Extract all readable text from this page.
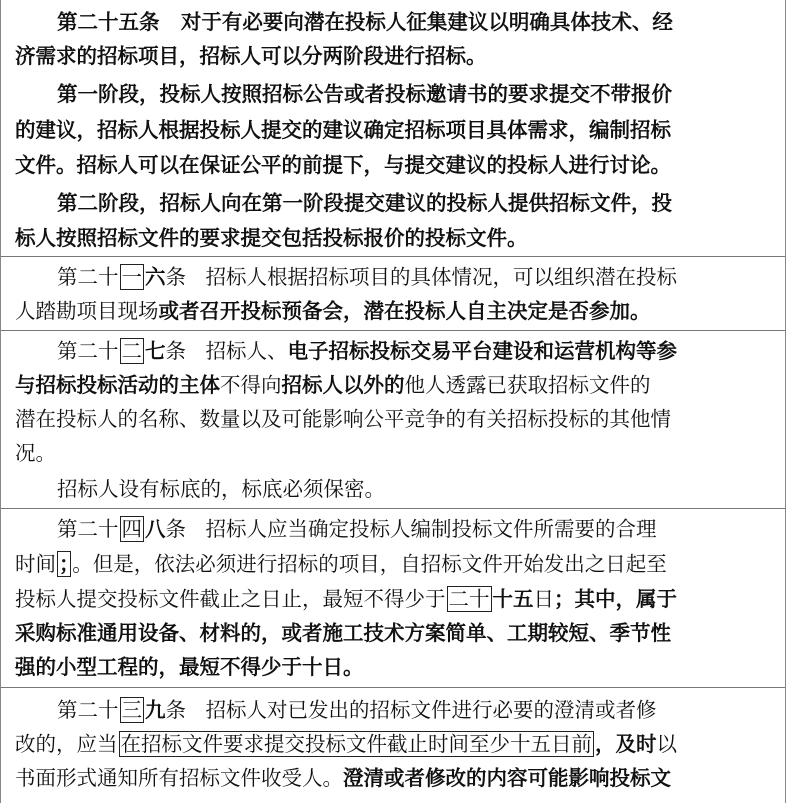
第二十五条 对于有必要向潜在投标人征集建议以明确具体技术、经
济需求的招标项目，招标人可以分两阶段进行招标。
第一阶段，投标人按照招标公告或者投标邀请书的要求提交不带报价
的建议，招标人根据投标人提交的建议确定招标项目具体需求，编制招标
文件。招标人可以在保证公平的前提下，与提交建议的投标人进行讨论。
第二阶段，招标人向在第一阶段提交建议的投标人提供招标文件，投
标人按照招标文件的要求提交包括投标报价的投标文件。
第二十 一 六条 招标人根据招标项目的具体情况，可以组织潜在投标
人踏勘项目现场或者召开投标预备会，潜在投标人自主决定是否参加。
第二十 二 七条 招标人、电子招标投标交易平台建设和运营机构等参
与招标投标活动的主体不得向招标人以外的他人透露已获取招标文件的
潜在投标人的名称、数量以及可能影响公平竞争的有关招标投标的其他情
况。
招标人设有标底的，标底必须保密。
第二十 四 八条 招标人应当确定投标人编制投标文件所需要的合理
时间 ； 。但是，依法必须进行招标的项目，自招标文件开始发出之日起至
投标人提交投标文件截止之日止，最短不得少于 二十 十五日；其中，属于
采购标准通用设备、材料的，或者施工技术方案简单、工期较短、季节性
强的小型工程的，最短不得少于十日。
第二十 三 九条 招标人对已发出的招标文件进行必要的澄清或者修
改的，应当 在招标文件要求提交投标文件截止时间至少十五日前 ，及时以
书面形式通知所有招标文件收受人。澄清或者修改的内容可能影响投标文
